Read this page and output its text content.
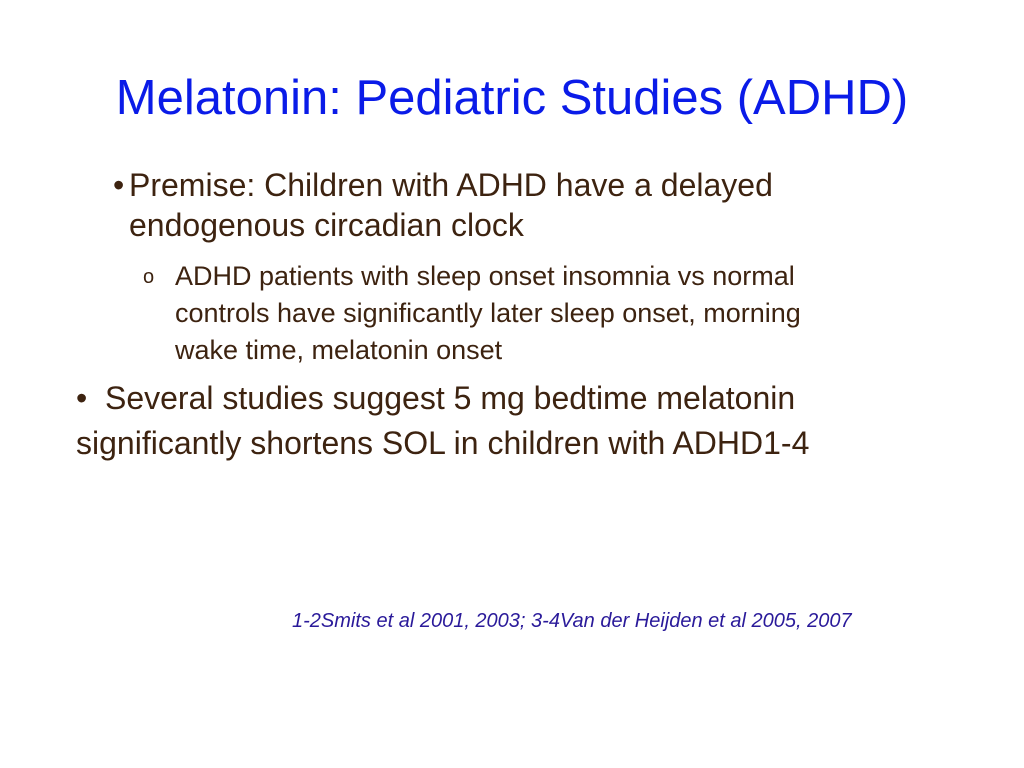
Melatonin: Pediatric Studies (ADHD)
• Premise: Children with ADHD have a delayed endogenous circadian clock
o ADHD patients with sleep onset insomnia vs normal controls have significantly later sleep onset, morning wake time, melatonin onset
•  Several studies suggest 5 mg bedtime melatonin significantly shortens SOL in children with ADHD1-4
1-2Smits et al 2001, 2003; 3-4Van der Heijden et al 2005, 2007
